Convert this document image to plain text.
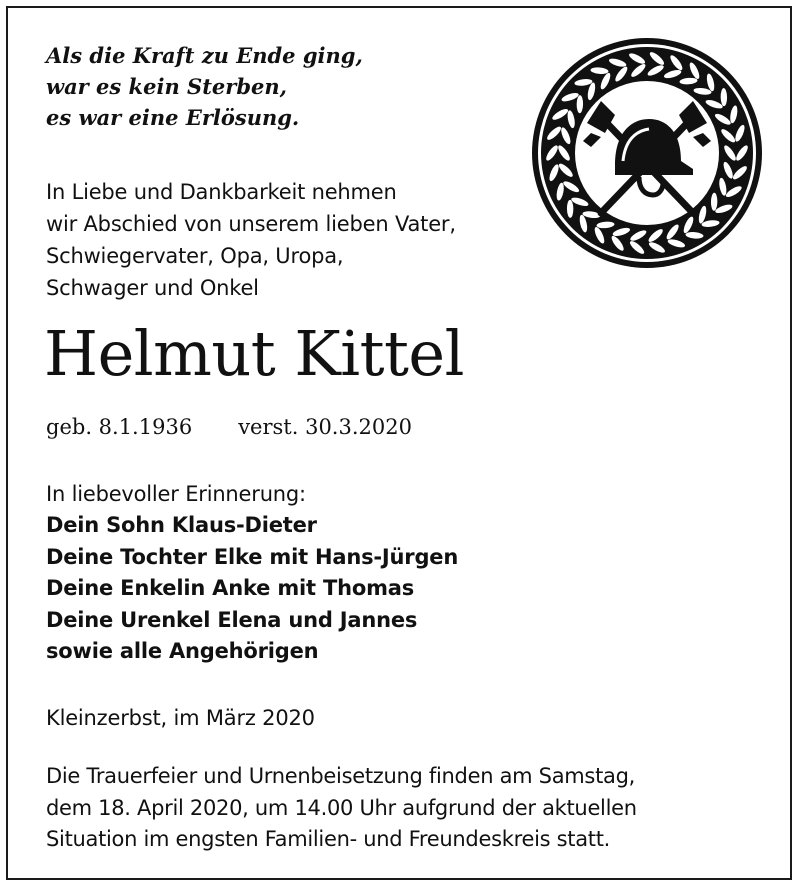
Als die Kraft zu Ende ging,
war es kein Sterben,
es war eine Erlösung.
In Liebe und Dankbarkeit nehmen
wir Abschied von unserem lieben Vater,
Schwiegervater, Opa, Uropa,
Schwager und Onkel
Helmut Kittel
geb. 8.1.1936 verst. 30.3.2020
In liebevoller Erinnerung:
Dein Sohn Klaus-Dieter
Deine Tochter Elke mit Hans-Jürgen
Deine Enkelin Anke mit Thomas
Deine Urenkel Elena und Jannes
sowie alle Angehörigen
Kleinzerbst, im März 2020
Die Trauerfeier und Urnenbeisetzung finden am Samstag,
dem 18. April 2020, um 14.00 Uhr aufgrund der aktuellen
Situation im engsten Familien- und Freundeskreis statt.
